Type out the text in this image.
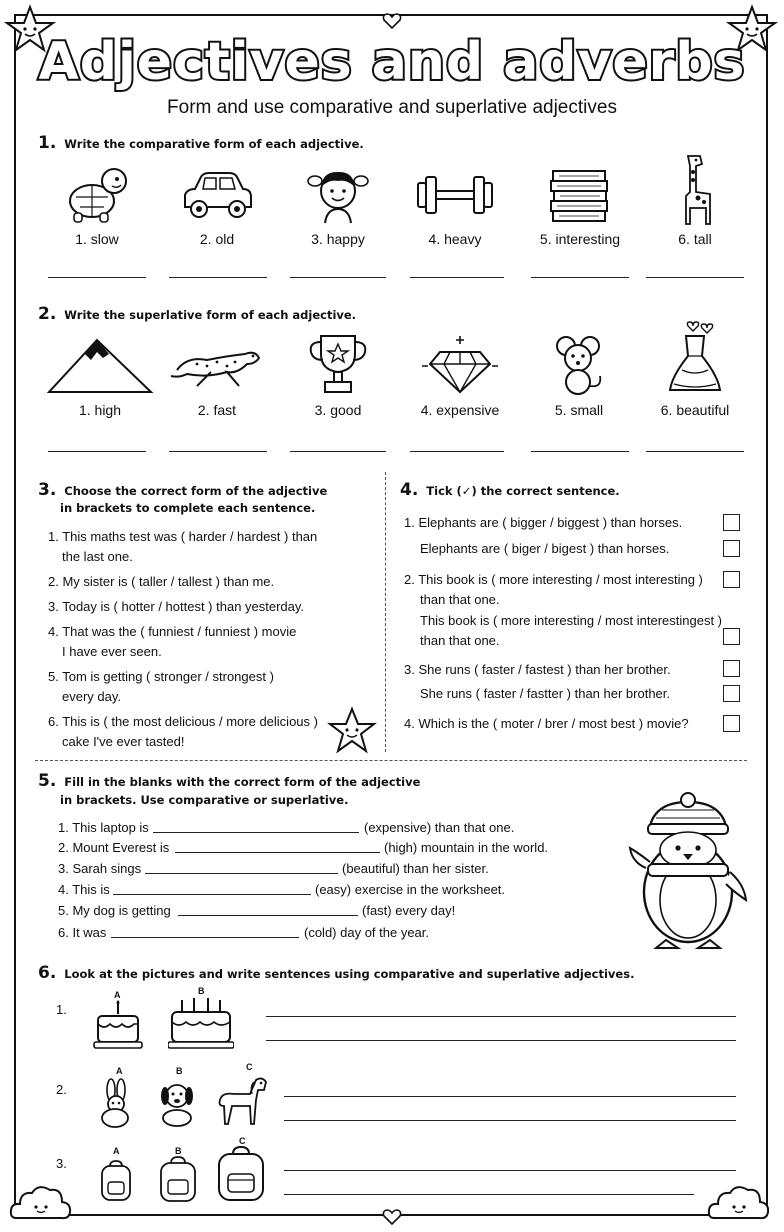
Adjectives and adverbs
Form and use comparative and superlative adjectives
1. Write the comparative form of each adjective.
1. slow	2. old	3. happy	4. heavy	5. interesting	6. tall
2. Write the superlative form of each adjective.
1. high	2. fast	3. good	4. expensive	5. small	6. beautiful
3. Choose the correct form of the adjective
in brackets to complete each sentence.
1. This maths test was ( harder / hardest ) than
the last one.
2. My sister is ( taller / tallest ) than me.
3. Today is ( hotter / hottest ) than yesterday.
4. That was the ( funniest / funniest ) movie
I have ever seen.
5. Tom is getting ( stronger / strongest )
every day.
6. This is ( the most delicious / more delicious )
cake I've ever tasted!
4. Tick (✓) the correct sentence.
1. Elephants are ( bigger / biggest ) than horses.
Elephants are ( biger / bigest ) than horses.
2. This book is ( more interesting / most interesting )
than that one.
This book is ( more interesting / most interestingest )
than that one.
3. She runs ( faster / fastest ) than her brother.
She runs ( faster / fastter ) than her brother.
4. Which is the ( moter / brer / most best ) movie?
5. Fill in the blanks with the correct form of the adjective
in brackets. Use comparative or superlative.
1. This laptop is	(expensive) than that one.
2. Mount Everest is	(high) mountain in the world.
3. Sarah sings	(beautiful) than her sister.
4. This is	(easy) exercise in the worksheet.
5. My dog is getting	(fast) every day!
6. It was	(cold) day of the year.
6. Look at the pictures and write sentences using comparative and superlative adjectives.
1.
A	B
2.
A	B	C
3.
A	B
C
